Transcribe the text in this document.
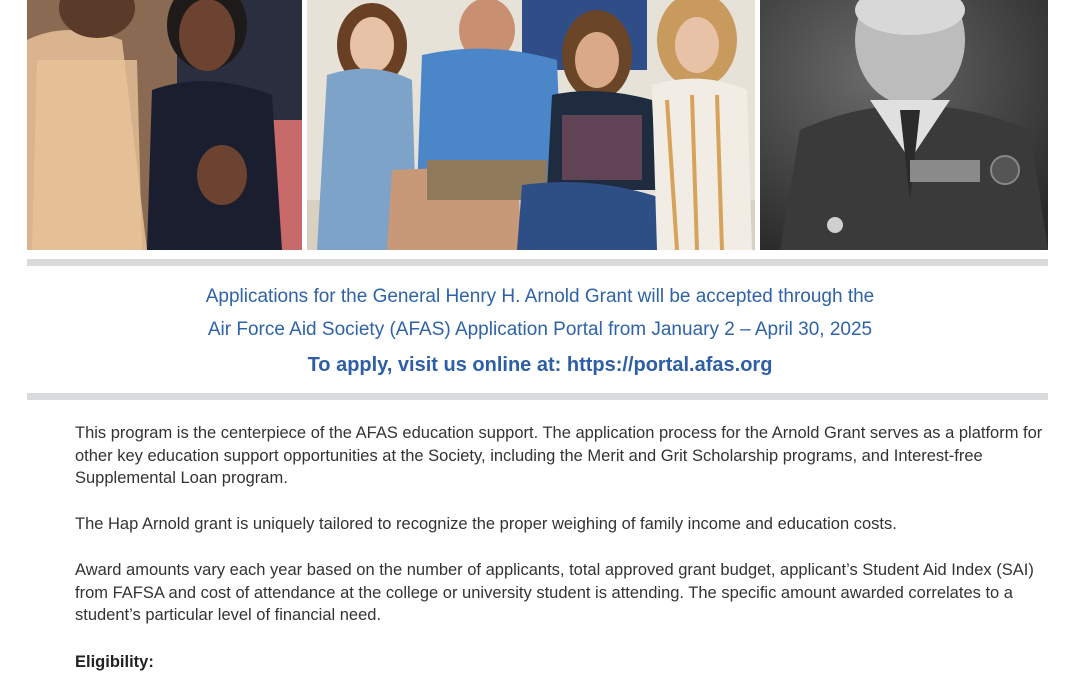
Applications for the General Henry H. Arnold Grant will be accepted through the
Air Force Aid Society (AFAS) Application Portal from January 2 – April 30, 2025
To apply, visit us online at: https://portal.afas.org

This program is the centerpiece of the AFAS education support. The application process for the Arnold Grant serves as a platform for other key education support opportunities at the Society, including the Merit and Grit Scholarship programs, and Interest-free Supplemental Loan program.

The Hap Arnold grant is uniquely tailored to recognize the proper weighing of family income and education costs.

Award amounts vary each year based on the number of applicants, total approved grant budget, applicant’s Student Aid Index (SAI) from FAFSA and cost of attendance at the college or university student is attending. The specific amount awarded correlates to a student’s particular level of financial need.

Eligibility:
